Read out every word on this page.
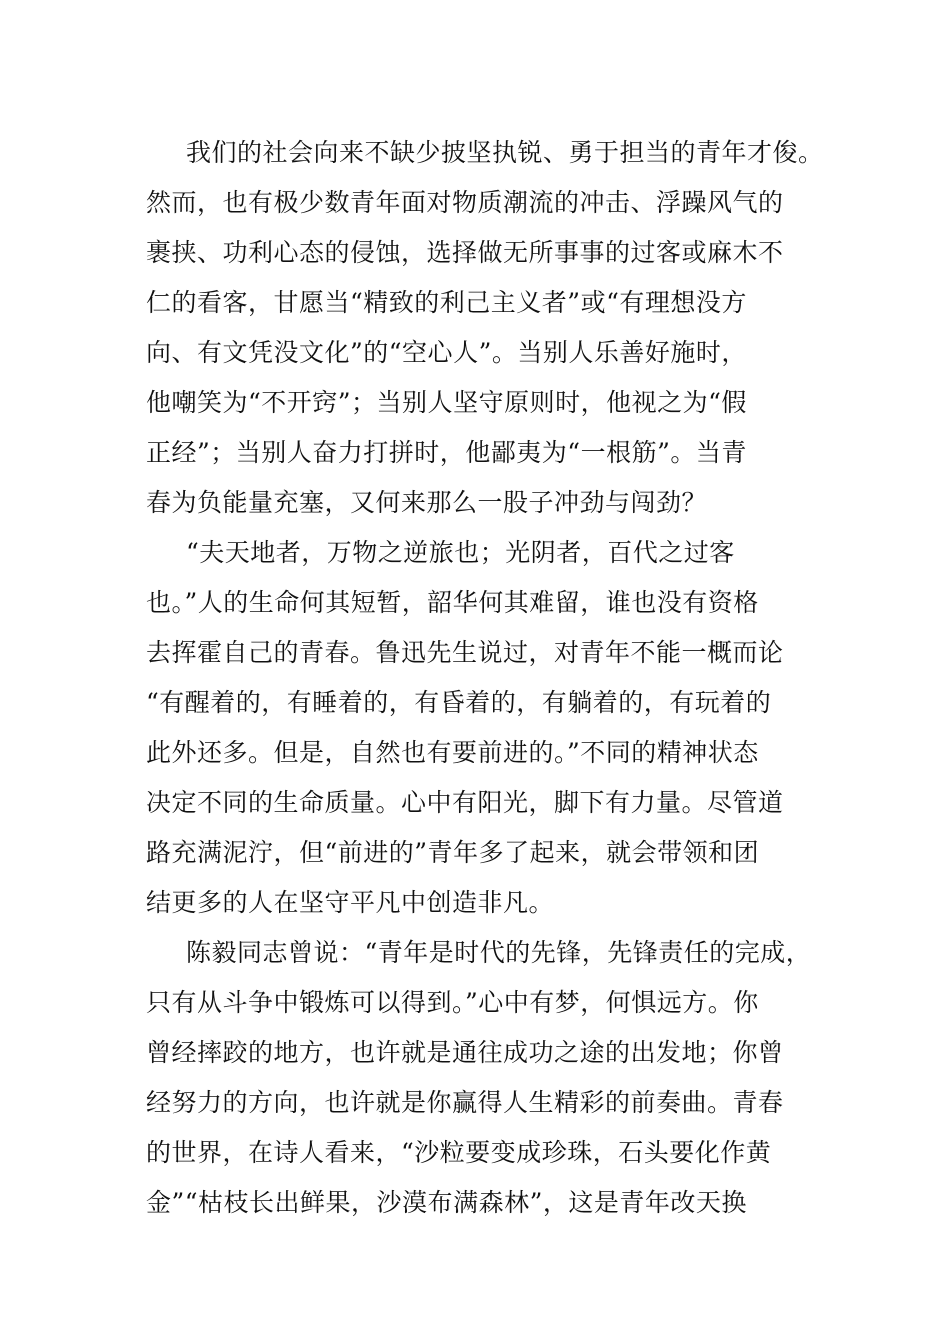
我们的社会向来不缺少披坚执锐、勇于担当的青年才俊。
然而，也有极少数青年面对物质潮流的冲击、浮躁风气的
裹挟、功利心态的侵蚀，选择做无所事事的过客或麻木不
仁的看客，甘愿当“精致的利己主义者”或“有理想没方
向、有文凭没文化”的“空心人”。当别人乐善好施时，
他嘲笑为“不开窍”；当别人坚守原则时，他视之为“假
正经”；当别人奋力打拼时，他鄙夷为“一根筋”。当青
春为负能量充塞，又何来那么一股子冲劲与闯劲？
“夫天地者，万物之逆旅也；光阴者，百代之过客
也。”人的生命何其短暂，韶华何其难留，谁也没有资格
去挥霍自己的青春。鲁迅先生说过，对青年不能一概而论
“有醒着的，有睡着的，有昏着的，有躺着的，有玩着的
此外还多。但是，自然也有要前进的。”不同的精神状态
决定不同的生命质量。心中有阳光，脚下有力量。尽管道
路充满泥泞，但“前进的”青年多了起来，就会带领和团
结更多的人在坚守平凡中创造非凡。
陈毅同志曾说：“青年是时代的先锋，先锋责任的完成，
只有从斗争中锻炼可以得到。”心中有梦，何惧远方。你
曾经摔跤的地方，也许就是通往成功之途的出发地；你曾
经努力的方向，也许就是你赢得人生精彩的前奏曲。青春
的世界，在诗人看来，“沙粒要变成珍珠，石头要化作黄
金”“枯枝长出鲜果，沙漠布满森林”，这是青年改天换
